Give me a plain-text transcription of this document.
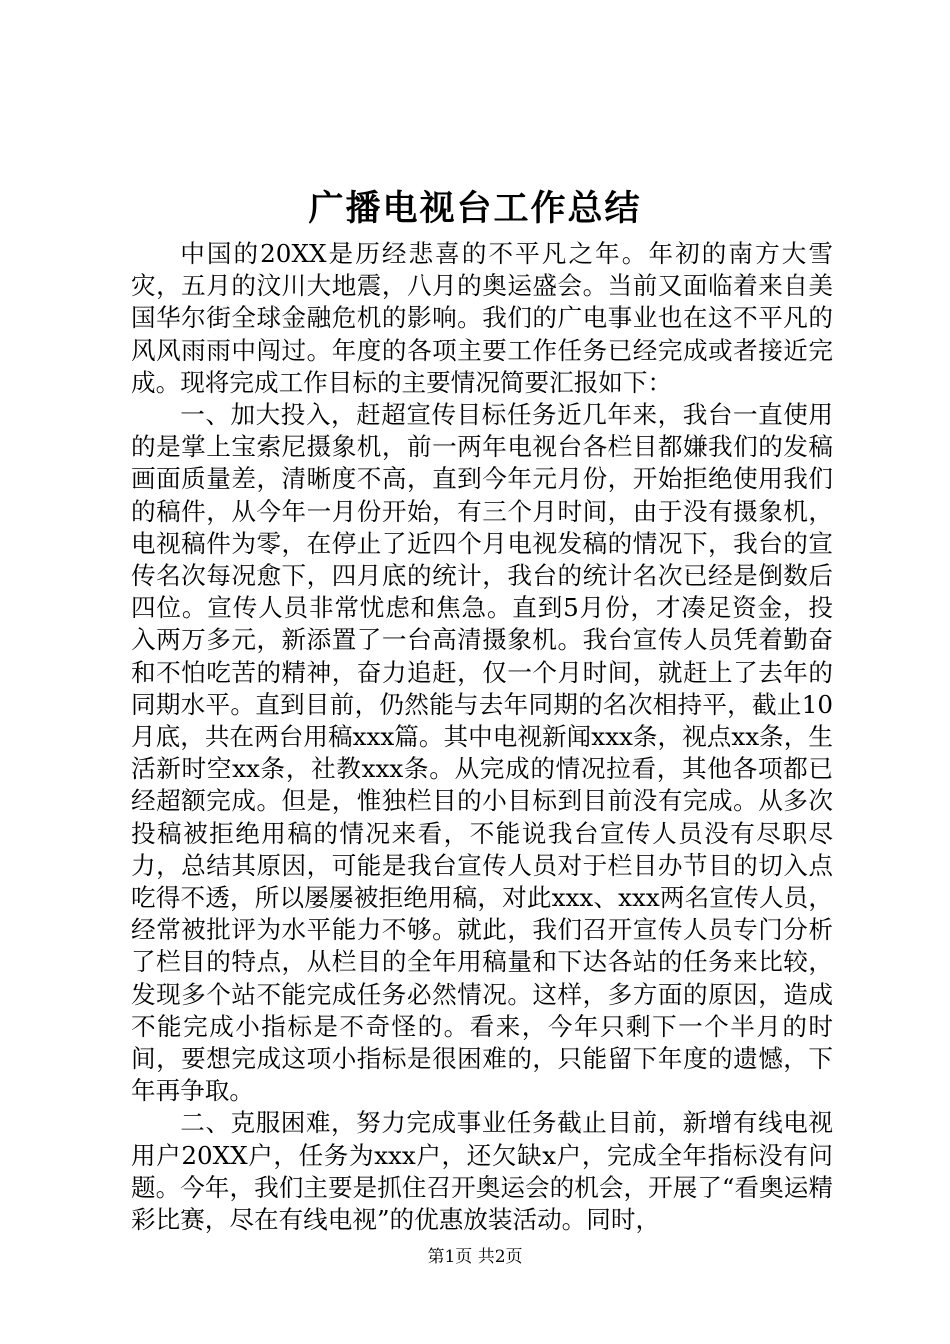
广播电视台工作总结

中国的20XX是历经悲喜的不平凡之年。年初的南方大雪灾，五月的汶川大地震，八月的奥运盛会。当前又面临着来自美国华尔街全球金融危机的影响。我们的广电事业也在这不平凡的风风雨雨中闯过。年度的各项主要工作任务已经完成或者接近完成。现将完成工作目标的主要情况简要汇报如下：

一、加大投入，赶超宣传目标任务近几年来，我台一直使用的是掌上宝索尼摄象机，前一两年电视台各栏目都嫌我们的发稿画面质量差，清晰度不高，直到今年元月份，开始拒绝使用我们的稿件，从今年一月份开始，有三个月时间，由于没有摄象机，电视稿件为零，在停止了近四个月电视发稿的情况下，我台的宣传名次每况愈下，四月底的统计，我台的统计名次已经是倒数后四位。宣传人员非常忧虑和焦急。直到5月份，才凑足资金，投入两万多元，新添置了一台高清摄象机。我台宣传人员凭着勤奋和不怕吃苦的精神，奋力追赶，仅一个月时间，就赶上了去年的同期水平。直到目前，仍然能与去年同期的名次相持平，截止10月底，共在两台用稿xxx篇。其中电视新闻xxx条，视点xx条，生活新时空xx条，社教xxx条。从完成的情况拉看，其他各项都已经超额完成。但是，惟独栏目的小目标到目前没有完成。从多次投稿被拒绝用稿的情况来看，不能说我台宣传人员没有尽职尽力，总结其原因，可能是我台宣传人员对于栏目办节目的切入点吃得不透，所以屡屡被拒绝用稿，对此xxx、xxx两名宣传人员，经常被批评为水平能力不够。就此，我们召开宣传人员专门分析了栏目的特点，从栏目的全年用稿量和下达各站的任务来比较，发现多个站不能完成任务必然情况。这样，多方面的原因，造成不能完成小指标是不奇怪的。看来，今年只剩下一个半月的时间，要想完成这项小指标是很困难的，只能留下年度的遗憾，下年再争取。

二、克服困难，努力完成事业任务截止目前，新增有线电视用户20XX户，任务为xxx户，还欠缺x户，完成全年指标没有问题。今年，我们主要是抓住召开奥运会的机会，开展了“看奥运精彩比赛，尽在有线电视”的优惠放装活动。同时，

第1页 共2页
